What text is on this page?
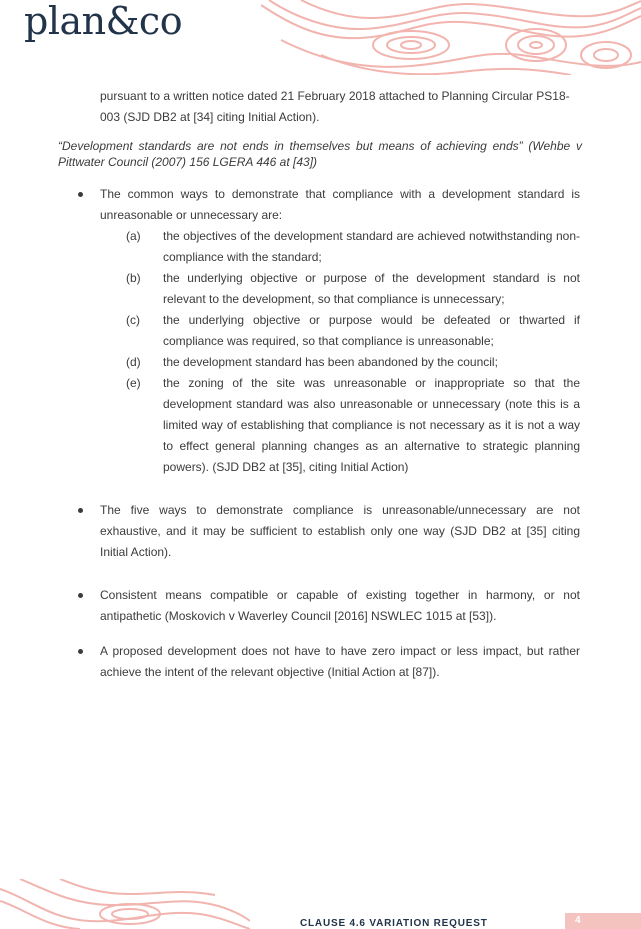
plan&co
pursuant to a written notice dated 21 February 2018 attached to Planning Circular PS18-003 (SJD DB2 at [34] citing Initial Action).
“Development standards are not ends in themselves but means of achieving ends” (Wehbe v Pittwater Council (2007) 156 LGERA 446 at [43])
The common ways to demonstrate that compliance with a development standard is unreasonable or unnecessary are:
(a)	the objectives of the development standard are achieved notwithstanding non-compliance with the standard;
(b)	the underlying objective or purpose of the development standard is not relevant to the development, so that compliance is unnecessary;
(c)	the underlying objective or purpose would be defeated or thwarted if compliance was required, so that compliance is unreasonable;
(d)	the development standard has been abandoned by the council;
(e)	the zoning of the site was unreasonable or inappropriate so that the development standard was also unreasonable or unnecessary (note this is a limited way of establishing that compliance is not necessary as it is not a way to effect general planning changes as an alternative to strategic planning powers). (SJD DB2 at [35], citing Initial Action)
The five ways to demonstrate compliance is unreasonable/unnecessary are not exhaustive, and it may be sufficient to establish only one way (SJD DB2 at [35] citing Initial Action).
Consistent means compatible or capable of existing together in harmony, or not antipathetic (Moskovich v Waverley Council [2016] NSWLEC 1015 at [53]).
A proposed development does not have to have zero impact or less impact, but rather achieve the intent of the relevant objective (Initial Action at [87]).
CLAUSE 4.6 VARIATION REQUEST	4
